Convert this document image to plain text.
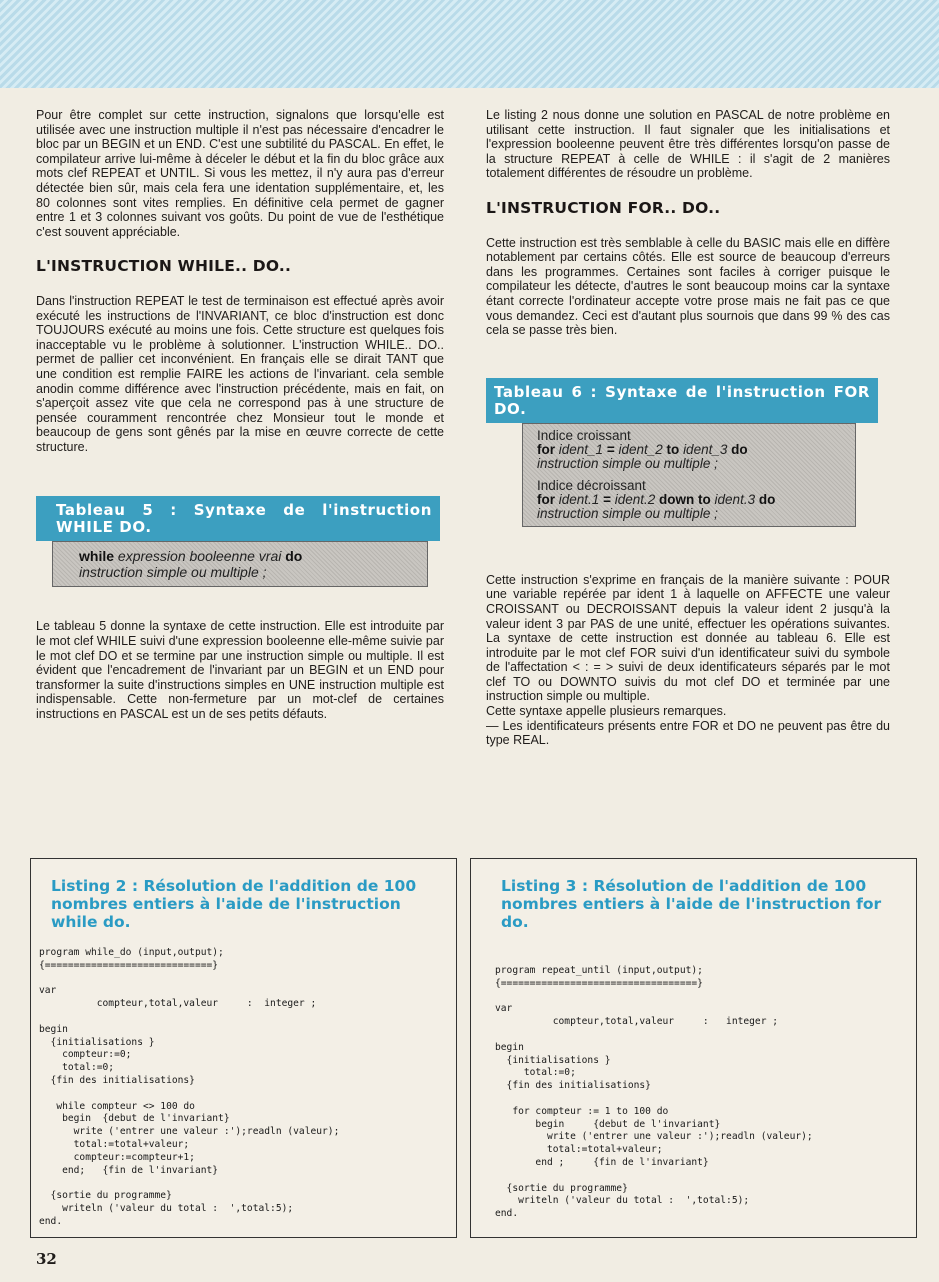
Pour être complet sur cette instruction, signalons que lorsqu'elle est utilisée avec une instruction multiple il n'est pas nécessaire d'encadrer le bloc par un BEGIN et un END. C'est une subtilité du PASCAL. En effet, le compilateur arrive lui-même à déceler le début et la fin du bloc grâce aux mots clef REPEAT et UNTIL. Si vous les mettez, il n'y aura pas d'erreur détectée bien sûr, mais cela fera une identation supplémentaire, et, les 80 colonnes sont vites remplies. En définitive cela permet de gagner entre 1 et 3 colonnes suivant vos goûts. Du point de vue de l'esthétique c'est souvent appréciable.

L'INSTRUCTION WHILE.. DO..

Dans l'instruction REPEAT le test de terminaison est effectué après avoir exécuté les instructions de l'INVARIANT, ce bloc d'instruction est donc TOUJOURS exécuté au moins une fois. Cette structure est quelques fois inacceptable vu le problème à solutionner. L'instruction WHILE.. DO.. permet de pallier cet inconvénient. En français elle se dirait TANT que une condition est remplie FAIRE les actions de l'invariant. cela semble anodin comme différence avec l'instruction précédente, mais en fait, on s'aperçoit assez vite que cela ne correspond pas à une structure de pensée couramment rencontrée chez Monsieur tout le monde et beaucoup de gens sont gênés par la mise en œuvre correcte de cette structure.

Tableau 5 : Syntaxe de l'instruction WHILE DO.
while expression booleenne vrai do
instruction simple ou multiple ;

Le tableau 5 donne la syntaxe de cette instruction. Elle est introduite par le mot clef WHILE suivi d'une expression booleenne elle-même suivie par le mot clef DO et se termine par une instruction simple ou multiple. Il est évident que l'encadrement de l'invariant par un BEGIN et un END pour transformer la suite d'instructions simples en UNE instruction multiple est indispensable. Cette non-fermeture par un mot-clef de certaines instructions en PASCAL est un de ses petits défauts.

Le listing 2 nous donne une solution en PASCAL de notre problème en utilisant cette instruction. Il faut signaler que les initialisations et l'expression booleenne peuvent être très différentes lorsqu'on passe de la structure REPEAT à celle de WHILE : il s'agit de 2 manières totalement différentes de résoudre un problème.

L'INSTRUCTION FOR.. DO..

Cette instruction est très semblable à celle du BASIC mais elle en diffère notablement par certains côtés. Elle est source de beaucoup d'erreurs dans les programmes. Certaines sont faciles à corriger puisque le compilateur les détecte, d'autres le sont beaucoup moins car la syntaxe étant correcte l'ordinateur accepte votre prose mais ne fait pas ce que vous demandez. Ceci est d'autant plus sournois que dans 99 % des cas cela se passe très bien.

Tableau 6 : Syntaxe de l'instruction FOR DO.
Indice croissant
for ident_1 = ident_2 to ident_3 do
instruction simple ou multiple ;
Indice décroissant
for ident.1 = ident.2 down to ident.3 do
instruction simple ou multiple ;

Cette instruction s'exprime en français de la manière suivante : POUR une variable repérée par ident 1 à laquelle on AFFECTE une valeur CROISSANT ou DECROISSANT depuis la valeur ident 2 jusqu'à la valeur ident 3 par PAS de une unité, effectuer les opérations suivantes. La syntaxe de cette instruction est donnée au tableau 6. Elle est introduite par le mot clef FOR suivi d'un identificateur suivi du symbole de l'affectation < : = > suivi de deux identificateurs séparés par le mot clef TO ou DOWNTO suivis du mot clef DO et terminée par une instruction simple ou multiple.

Cette syntaxe appelle plusieurs remarques.

— Les identificateurs présents entre FOR et DO ne peuvent pas être du type REAL.

Listing 2 : Résolution de l'addition de 100 nombres entiers à l'aide de l'instruction while do.
program while_do (input,output);
{=============================}

var
compteur,total,valeur     :  integer ;

begin
{initialisations }
compteur:=0;
total:=0;
{fin des initialisations}

while compteur <> 100 do
begin  {debut de l'invariant}
write ('entrer une valeur :');readln (valeur);
total:=total+valeur;
compteur:=compteur+1;
end;   {fin de l'invariant}

{sortie du programme}
writeln ('valeur du total :  ',total:5);
end.
Listing 3 : Résolution de l'addition de 100 nombres entiers à l'aide de l'instruction for do.
program repeat_until (input,output);
{==================================}

var
compteur,total,valeur     :   integer ;

begin
{initialisations }
total:=0;
{fin des initialisations}

for compteur := 1 to 100 do
begin     {debut de l'invariant}
write ('entrer une valeur :');readln (valeur);
total:=total+valeur;
end ;     {fin de l'invariant}

{sortie du programme}
writeln ('valeur du total :  ',total:5);
end.
32
